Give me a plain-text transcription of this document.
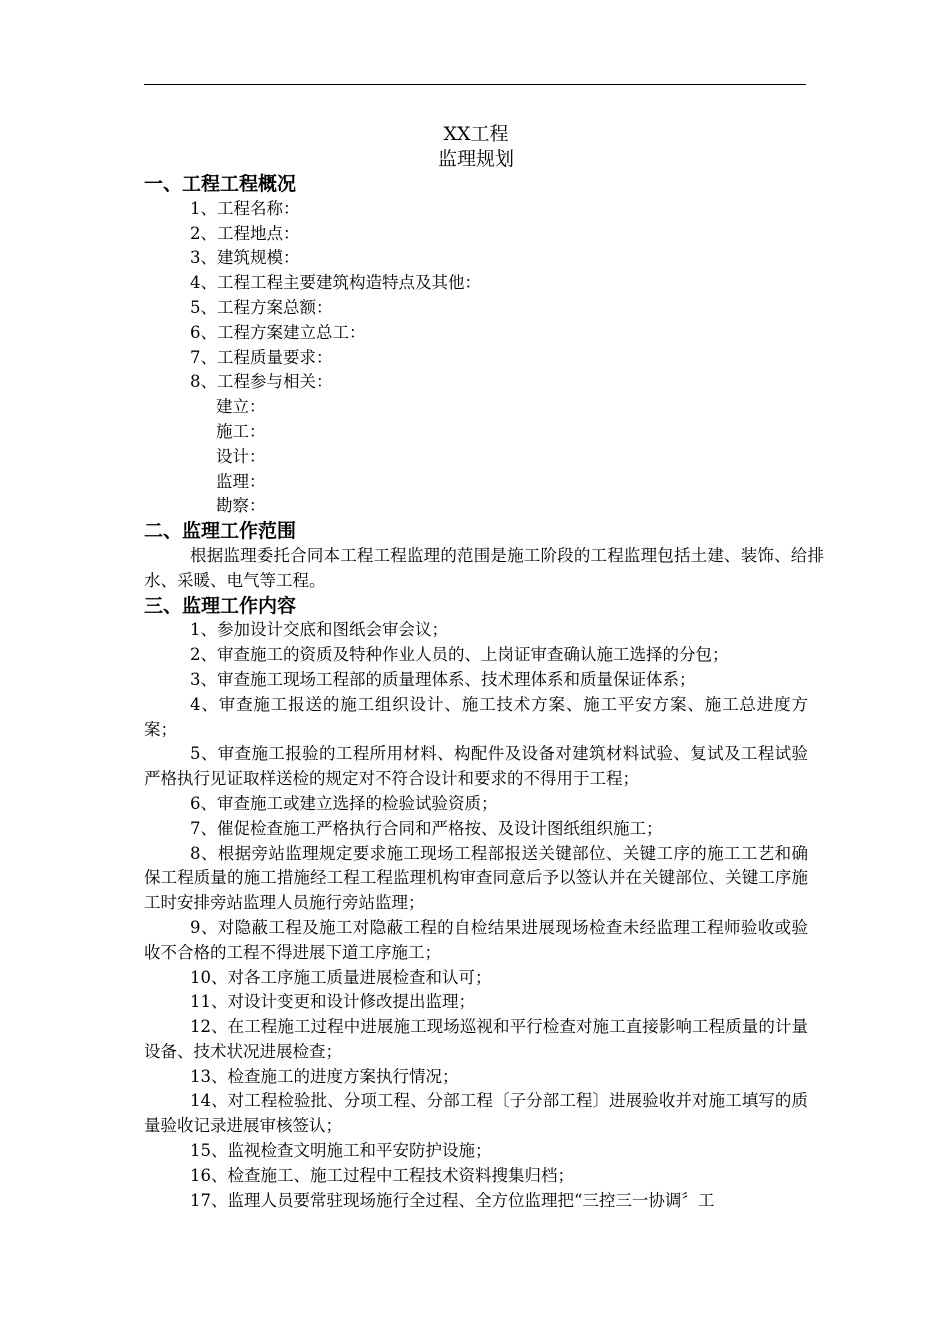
XX工程
监理规划
一、工程工程概况
1、工程名称：
2、工程地点：
3、建筑规模：
4、工程工程主要建筑构造特点及其他：
5、工程方案总额：
6、工程方案建立总工：
7、工程质量要求：
8、工程参与相关：
建立：
施工：
设计：
监理：
勘察：
二、监理工作范围
根据监理委托合同本工程工程监理的范围是施工阶段的工程监理包括土建、装饰、给排水、采暖、电气等工程。
三、监理工作内容
1、参加设计交底和图纸会审会议；
2、审查施工的资质及特种作业人员的、上岗证审查确认施工选择的分包；
3、审查施工现场工程部的质量理体系、技术理体系和质量保证体系；
4、审查施工报送的施工组织设计、施工技术方案、施工平安方案、施工总进度方案；
5、审查施工报验的工程所用材料、构配件及设备对建筑材料试验、复试及工程试验严格执行见证取样送检的规定对不符合设计和要求的不得用于工程；
6、审查施工或建立选择的检验试验资质；
7、催促检查施工严格执行合同和严格按、及设计图纸组织施工；
8、根据旁站监理规定要求施工现场工程部报送关键部位、关键工序的施工工艺和确保工程质量的施工措施经工程工程监理机构审查同意后予以签认并在关键部位、关键工序施工时安排旁站监理人员施行旁站监理；
9、对隐蔽工程及施工对隐蔽工程的自检结果进展现场检查未经监理工程师验收或验收不合格的工程不得进展下道工序施工；
10、对各工序施工质量进展检查和认可；
11、对设计变更和设计修改提出监理；
12、在工程施工过程中进展施工现场巡视和平行检查对施工直接影响工程质量的计量设备、技术状况进展检查；
13、检查施工的进度方案执行情况；
14、对工程检验批、分项工程、分部工程〔子分部工程〕进展验收并对施工填写的质量验收记录进展审核签认；
15、监视检查文明施工和平安防护设施；
16、检查施工、施工过程中工程技术资料搜集归档；
17、监理人员要常驻现场施行全过程、全方位监理把“三控三一协调〞工
